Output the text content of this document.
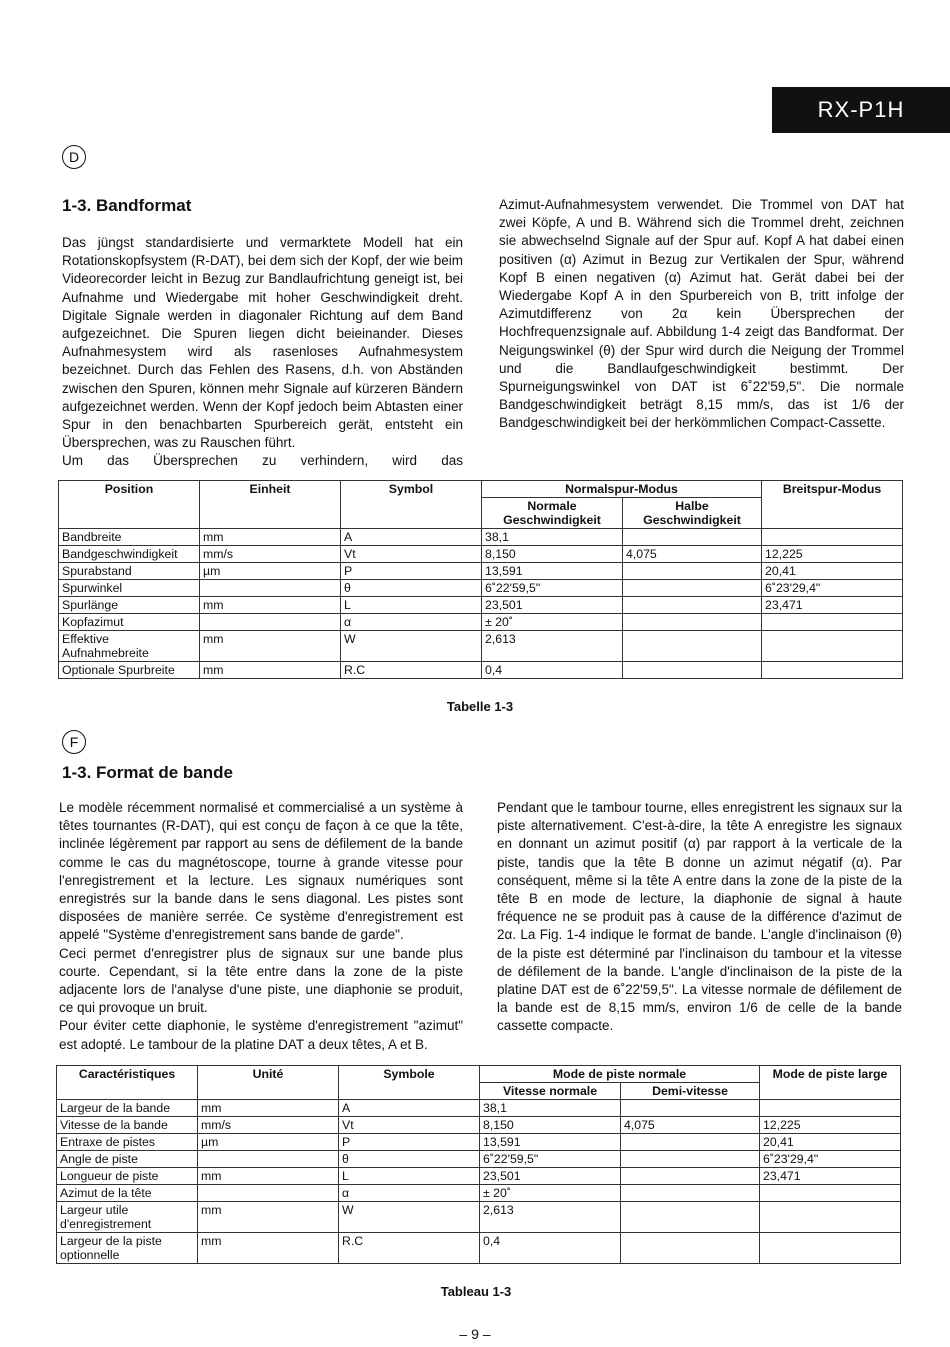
RX-P1H
D
1-3. Bandformat

Das jüngst standardisierte und vermarktete Modell hat ein Rotationskopfsystem (R-DAT), bei dem sich der Kopf, der wie beim Videorecorder leicht in Bezug zur Bandlaufrichtung geneigt ist, bei Aufnahme und Wiedergabe mit hoher Geschwindigkeit dreht. Digitale Signale werden in diagonaler Richtung auf dem Band aufgezeichnet. Die Spuren liegen dicht beieinander. Dieses Aufnahmesystem wird als rasenloses Aufnahmesystem bezeichnet. Durch das Fehlen des Rasens, d.h. von Abständen zwischen den Spuren, können mehr Signale auf kürzeren Bändern aufgezeichnet werden. Wenn der Kopf jedoch beim Abtasten einer Spur in den benachbarten Spurbereich gerät, entsteht ein Übersprechen, was zu Rauschen führt.

Um das Übersprechen zu verhindern, wird das

Azimut-Aufnahmesystem verwendet. Die Trommel von DAT hat zwei Köpfe, A und B. Während sich die Trommel dreht, zeichnen sie abwechselnd Signale auf der Spur auf. Kopf A hat dabei einen positiven (α) Azimut in Bezug zur Vertikalen der Spur, während Kopf B einen negativen (α) Azimut hat. Gerät dabei bei der Wiedergabe Kopf A in den Spurbereich von B, tritt infolge der Azimutdifferenz von 2α kein Übersprechen der Hochfrequenzsignale auf. Abbildung 1-4 zeigt das Bandformat. Der Neigungswinkel (θ) der Spur wird durch die Neigung der Trommel und die Bandlaufgeschwindigkeit bestimmt. Der Spurneigungswinkel von DAT ist 6˚22'59,5". Die normale Bandgeschwindigkeit beträgt 8,15 mm/s, das ist 1/6 der Bandgeschwindigkeit bei der herkömmlichen Compact-Cassette.

Position	Einheit	Symbol	Normalspur-Modus		Breitspur-Modus
			Normale Geschwindigkeit	Halbe Geschwindigkeit	
Bandbreite	mm	A	38,1		
Bandgeschwindigkeit	mm/s	Vt	8,150	4,075	12,225
Spurabstand	µm	P	13,591		20,41
Spurwinkel		θ	6˚22'59,5"		6˚23'29,4"
Spurlänge	mm	L	23,501		23,471
Kopfazimut		α	± 20˚		
Effektive Aufnahmebreite	mm	W	2,613		
Optionale Spurbreite	mm	R.C	0,4		
Tabelle 1-3
F
1-3. Format de bande

Le modèle récemment normalisé et commercialisé a un système à têtes tournantes (R-DAT), qui est conçu de façon à ce que la tête, inclinée légèrement par rapport au sens de défilement de la bande comme le cas du magnétoscope, tourne à grande vitesse pour l'enregistrement et la lecture. Les signaux numériques sont enregistrés sur la bande dans le sens diagonal. Les pistes sont disposées de manière serrée. Ce système d'enregistrement est appelé "Système d'enregistrement sans bande de garde".

Ceci permet d'enregistrer plus de signaux sur une bande plus courte. Cependant, si la tête entre dans la zone de la piste adjacente lors de l'analyse d'une piste, une diaphonie se produit, ce qui provoque un bruit.

Pour éviter cette diaphonie, le système d'enregistrement "azimut" est adopté. Le tambour de la platine DAT a deux têtes, A et B.

Pendant que le tambour tourne, elles enregistrent les signaux sur la piste alternativement. C'est-à-dire, la tête A enregistre les signaux en donnant un azimut positif (α) par rapport à la verticale de la piste, tandis que la tête B donne un azimut négatif (α). Par conséquent, même si la tête A entre dans la zone de la piste de la tête B en mode de lecture, la diaphonie de signal à haute fréquence ne se produit pas à cause de la différence d'azimut de 2α. La Fig. 1-4 indique le format de bande. L'angle d'inclinaison (θ) de la piste est déterminé par l'inclinaison du tambour et la vitesse de défilement de la bande. L'angle d'inclinaison de la piste de la platine DAT est de 6˚22'59,5". La vitesse normale de défilement de la bande est de 8,15 mm/s, environ 1/6 de celle de la bande cassette compacte.

Caractéristiques	Unité	Symbole	Mode de piste normale		Mode de piste large
			Vitesse normale	Demi-vitesse	
Largeur de la bande	mm	A	38,1		
Vitesse de la bande	mm/s	Vt	8,150	4,075	12,225
Entraxe de pistes	µm	P	13,591		20,41
Angle de piste		θ	6˚22'59,5"		6˚23'29,4"
Longueur de piste	mm	L	23,501		23,471
Azimut de la tête		α	± 20˚		
Largeur utile d'enregistrement	mm	W	2,613		
Largeur de la piste optionnelle	mm	R.C	0,4		
Tableau 1-3
– 9 –
